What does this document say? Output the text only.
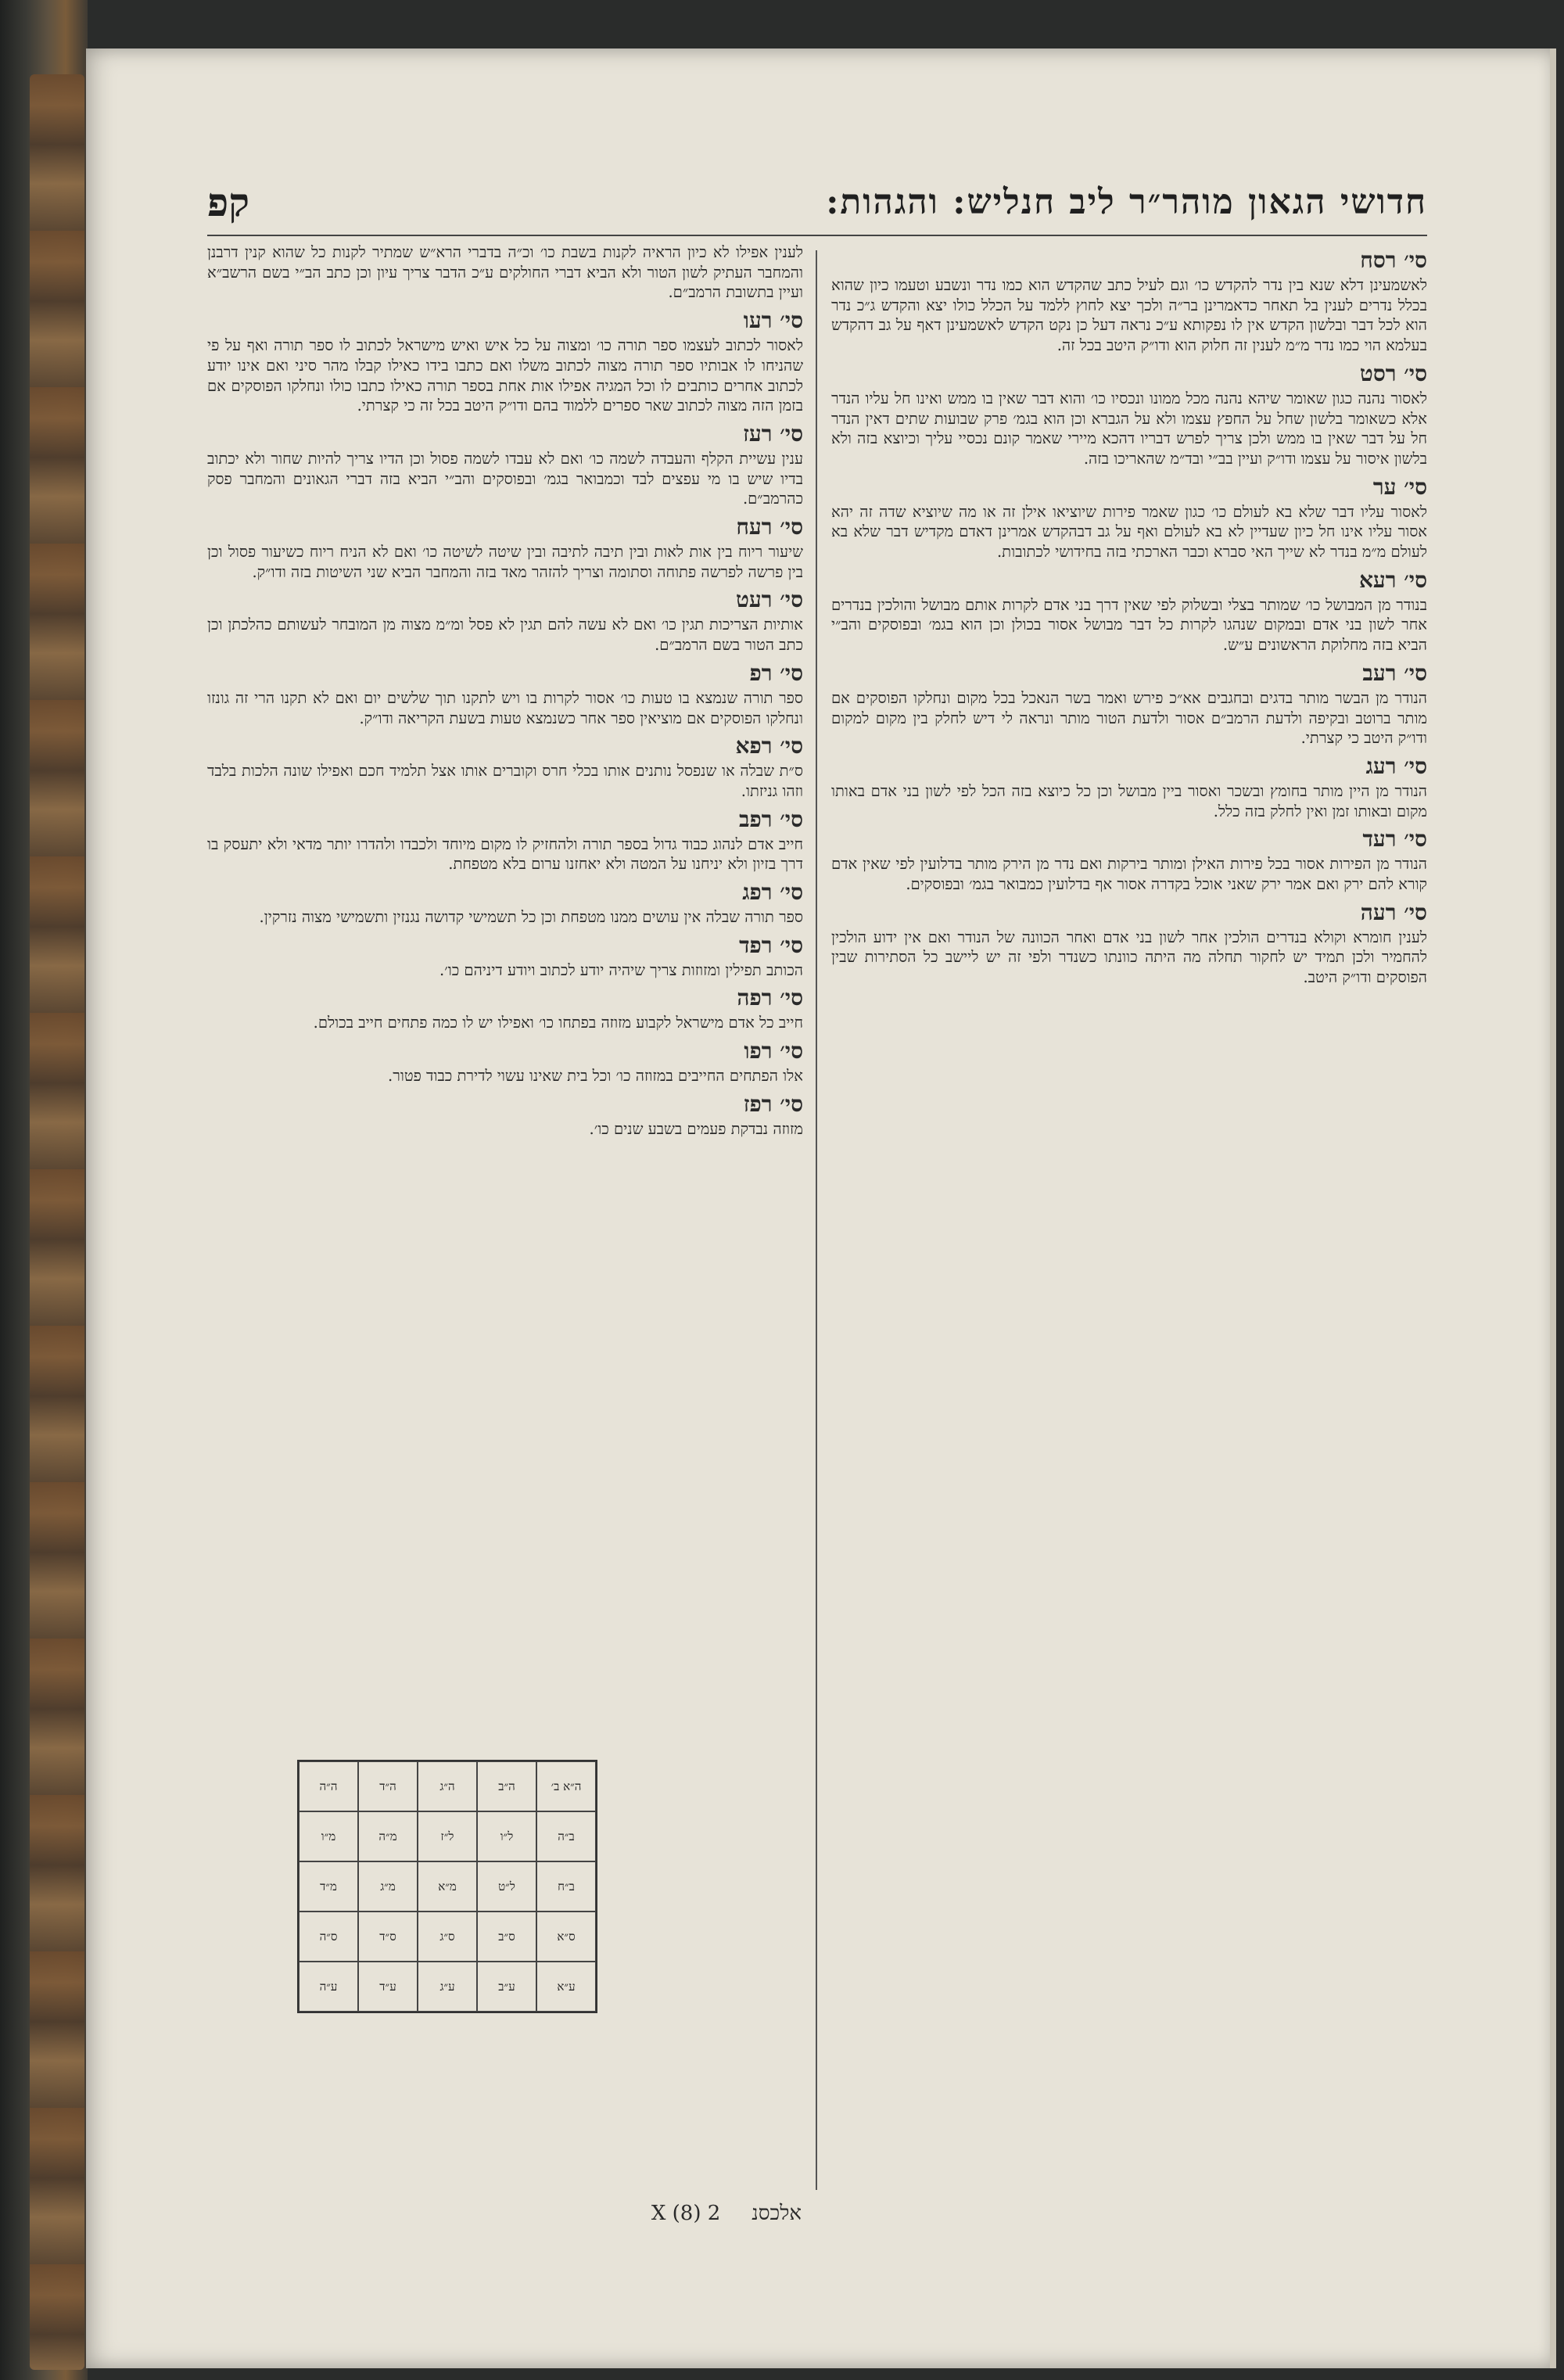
חדושי הגאון מוהר״ר ליב חנליש: והגהות:
קפ
סי׳ רסח
לאשמעינן דלא שנא בין נדר להקדש כו׳ וגם לעיל כתב שהקדש הוא כמו נדר ונשבע וטעמו כיון שהוא בכלל נדרים לענין בל תאחר כדאמרינן בר״ה ולכך יצא לחוץ ללמד על הכלל כולו יצא והקדש ג״כ נדר הוא לכל דבר ובלשון הקדש אין לו נפקותא ע״כ נראה דעל כן נקט הקדש לאשמעינן דאף על גב דהקדש בעלמא הוי כמו נדר מ״מ לענין זה חלוק הוא ודו״ק היטב בכל זה.
סי׳ רסט
לאסור נהנה כגון שאומר שיהא נהנה מכל ממונו ונכסיו כו׳ והוא דבר שאין בו ממש ואינו חל עליו הנדר אלא כשאומר בלשון שחל על החפץ עצמו ולא על הגברא וכן הוא בגמ׳ פרק שבועות שתים דאין הנדר חל על דבר שאין בו ממש ולכן צריך לפרש דבריו דהכא מיירי שאמר קונם נכסיי עליך וכיוצא בזה ולא בלשון איסור על עצמו ודו״ק ועיין בב״י ובד״מ שהאריכו בזה.
סי׳ ער
לאסור עליו דבר שלא בא לעולם כו׳ כגון שאמר פירות שיוציאו אילן זה או מה שיוציא שדה זה יהא אסור עליו אינו חל כיון שעדיין לא בא לעולם ואף על גב דבהקדש אמרינן דאדם מקדיש דבר שלא בא לעולם מ״מ בנדר לא שייך האי סברא וכבר הארכתי בזה בחידושי לכתובות.
סי׳ רעא
בנודר מן המבושל כו׳ שמותר בצלי ובשלוק לפי שאין דרך בני אדם לקרות אותם מבושל והולכין בנדרים אחר לשון בני אדם ובמקום שנהגו לקרות כל דבר מבושל אסור בכולן וכן הוא בגמ׳ ובפוסקים והב״י הביא בזה מחלוקת הראשונים ע״ש.
סי׳ רעב
הנודר מן הבשר מותר בדגים ובחגבים אא״כ פירש ואמר בשר הנאכל בכל מקום ונחלקו הפוסקים אם מותר ברוטב ובקיפה ולדעת הרמב״ם אסור ולדעת הטור מותר ונראה לי דיש לחלק בין מקום למקום ודו״ק היטב כי קצרתי.
סי׳ רעג
הנודר מן היין מותר בחומץ ובשכר ואסור ביין מבושל וכן כל כיוצא בזה הכל לפי לשון בני אדם באותו מקום ובאותו זמן ואין לחלק בזה כלל.
סי׳ רעד
הנודר מן הפירות אסור בכל פירות האילן ומותר בירקות ואם נדר מן הירק מותר בדלועין לפי שאין אדם קורא להם ירק ואם אמר ירק שאני אוכל בקדרה אסור אף בדלועין כמבואר בגמ׳ ובפוסקים.
סי׳ רעה
לענין חומרא וקולא בנדרים הולכין אחר לשון בני אדם ואחר הכוונה של הנודר ואם אין ידוע הולכין להחמיר ולכן תמיד יש לחקור תחלה מה היתה כוונתו כשנדר ולפי זה יש ליישב כל הסתירות שבין הפוסקים ודו״ק היטב.
לענין אפילו לא כיון הראיה לקנות בשבת כו׳ וכ״ה בדברי הרא״ש שמתיר לקנות כל שהוא קנין דרבנן והמחבר העתיק לשון הטור ולא הביא דברי החולקים ע״כ הדבר צריך עיון וכן כתב הב״י בשם הרשב״א ועיין בתשובת הרמב״ם.
סי׳ רעו
לאסור לכתוב לעצמו ספר תורה כו׳ ומצוה על כל איש ואיש מישראל לכתוב לו ספר תורה ואף על פי שהניחו לו אבותיו ספר תורה מצוה לכתוב משלו ואם כתבו בידו כאילו קבלו מהר סיני ואם אינו יודע לכתוב אחרים כותבים לו וכל המגיה אפילו אות אחת בספר תורה כאילו כתבו כולו ונחלקו הפוסקים אם בזמן הזה מצוה לכתוב שאר ספרים ללמוד בהם ודו״ק היטב בכל זה כי קצרתי.
סי׳ רעז
ענין עשיית הקלף והעבדה לשמה כו׳ ואם לא עבדו לשמה פסול וכן הדיו צריך להיות שחור ולא יכתוב בדיו שיש בו מי עפצים לבד וכמבואר בגמ׳ ובפוסקים והב״י הביא בזה דברי הגאונים והמחבר פסק כהרמב״ם.
סי׳ רעח
שיעור ריוח בין אות לאות ובין תיבה לתיבה ובין שיטה לשיטה כו׳ ואם לא הניח ריוח כשיעור פסול וכן בין פרשה לפרשה פתוחה וסתומה וצריך להזהר מאד בזה והמחבר הביא שני השיטות בזה ודו״ק.
סי׳ רעט
אותיות הצריכות תגין כו׳ ואם לא עשה להם תגין לא פסל ומ״מ מצוה מן המובחר לעשותם כהלכתן וכן כתב הטור בשם הרמב״ם.
סי׳ רפ
ספר תורה שנמצא בו טעות כו׳ אסור לקרות בו ויש לתקנו תוך שלשים יום ואם לא תקנו הרי זה גונזו ונחלקו הפוסקים אם מוציאין ספר אחר כשנמצא טעות בשעת הקריאה ודו״ק.
סי׳ רפא
ס״ת שבלה או שנפסל נותנים אותו בכלי חרס וקוברים אותו אצל תלמיד חכם ואפילו שונה הלכות בלבד וזהו גניזתו.
סי׳ רפב
חייב אדם לנהוג כבוד גדול בספר תורה ולהחזיק לו מקום מיוחד ולכבדו ולהדרו יותר מדאי ולא יתעסק בו דרך בזיון ולא יניחנו על המטה ולא יאחזנו ערום בלא מטפחת.
סי׳ רפג
ספר תורה שבלה אין עושים ממנו מטפחת וכן כל תשמישי קדושה נגנזין ותשמישי מצוה נזרקין.
סי׳ רפד
הכותב תפילין ומזוזות צריך שיהיה יודע לכתוב ויודע דיניהם כו׳.
סי׳ רפה
חייב כל אדם מישראל לקבוע מזוזה בפתחו כו׳ ואפילו יש לו כמה פתחים חייב בכולם.
סי׳ רפו
אלו הפתחים החייבים במזוזה כו׳ וכל בית שאינו עשוי לדירת כבוד פטור.
סי׳ רפז
מזוזה נבדקת פעמים בשבע שנים כו׳.
ה״א ב׳
ה״ב
ה״ג
ה״ד
ה״ה
ב״ה
ל״ו
ל״ז
מ״ה
מ״ו
ב״ח
ל״ט
מ״א
מ״ג
מ״ד
ס״א
ס״ב
ס״ג
ס״ד
ס״ה
ע״א
ע״ב
ע״ג
ע״ד
ע״ה
אלכסנ
X (8) 2
